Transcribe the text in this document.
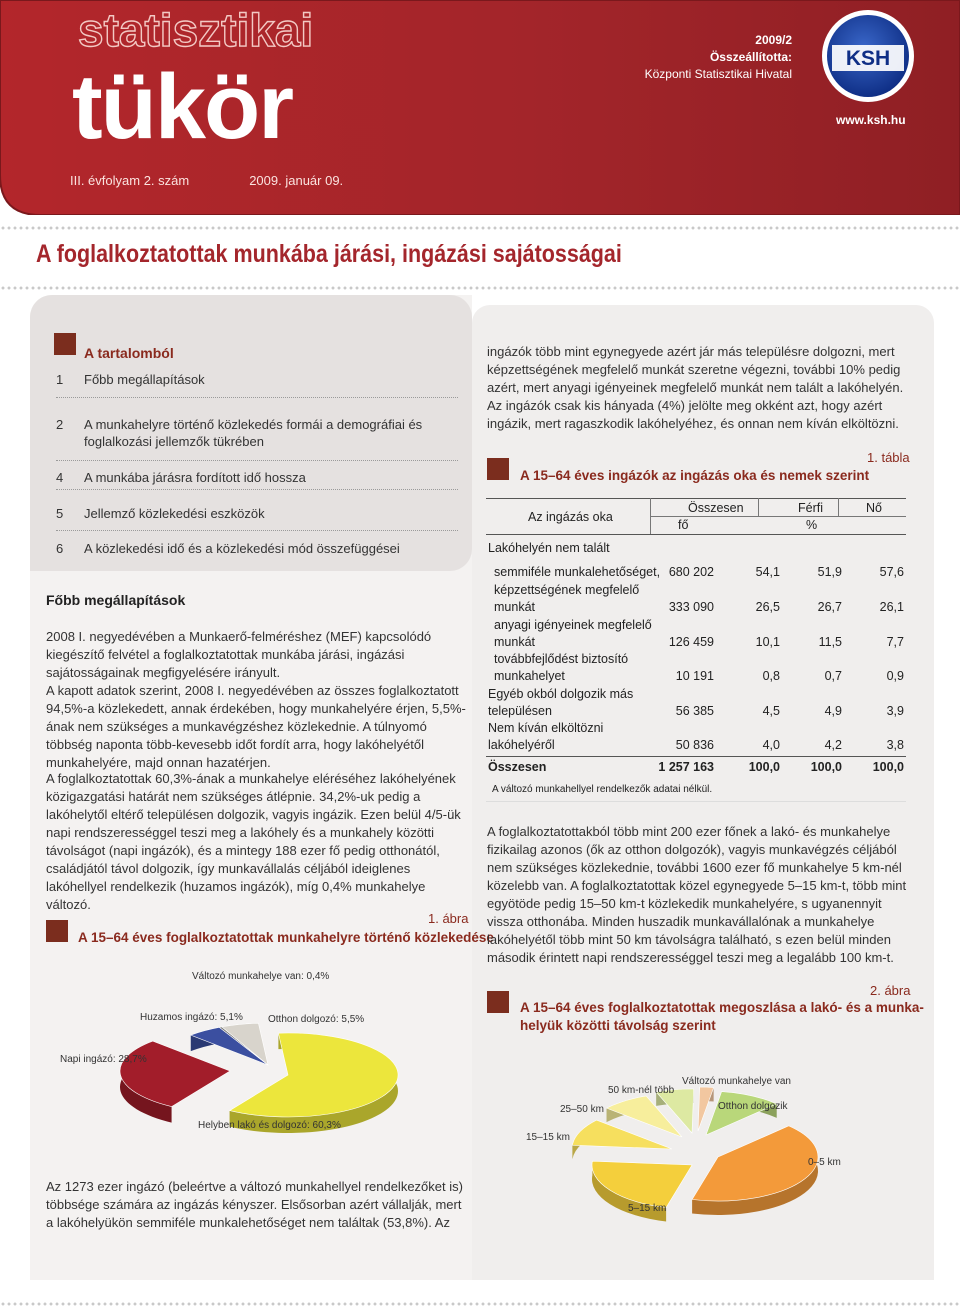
statisztikai
tükör	KSH
III. évfolyam 2. szám	2009. január 09.
2009/2
Összeállította:
Központi Statisztikai Hivatal
www.ksh.hu
A foglalkoztatottak munkába járási, ingázási sajátosságai
A tartalomból
1	Főbb megállapítások
2	A munkahelyre történő közlekedés formái a demográfiai és foglalkozási jellemzők tükrében
4	A munkába járásra fordított idő hossza
5	Jellemző közlekedési eszközök
6	A közlekedési idő és a közlekedési mód összefüggései
Főbb megállapítások
2008 I. negyedévében a Munkaerő-felméréshez (MEF) kapcsolódó kiegészítő felvétel a foglalkoztatottak munkába járási, ingázási sajátosságainak megfigyelésére irányult.
A kapott adatok szerint, 2008 I. negyedévében az összes foglalkoztatott 94,5%-a közlekedett, annak érdekében, hogy munkahelyére érjen, 5,5%-ának nem szükséges a munkavégzéshez közlekednie. A túlnyomó többség naponta több-kevesebb időt fordít arra, hogy lakóhelyétől munkahelyére, majd onnan hazatérjen.
A foglalkoztatottak 60,3%-ának a munkahelye eléréséhez lakóhelyének közigazgatási határát nem szükséges átlépnie. 34,2%-uk pedig a lakóhelytől eltérő településen dolgozik, vagyis ingázik. Ezen belül 4/5-ük napi rendszerességgel teszi meg a lakóhely és a munkahely közötti távolságot (napi ingázók), és a mintegy 188 ezer fő pedig otthonától, családjától távol dolgozik, így munkavállalás céljából ideiglenes lakóhellyel rendelkezik (huzamos ingázók), míg 0,4% munkahelye változó.
1. ábra
A 15–64 éves foglalkoztatottak munkahelyre történő közlekedése
Változó munkahelye van: 0,4%
Huzamos ingázó: 5,1%	Otthon dolgozó: 5,5%
Napi ingázó: 28,7%
Helyben lakó és dolgozó: 60,3%
Az 1273 ezer ingázó (beleértve a változó munkahellyel rendelkezőket is) többsége számára az ingázás kényszer. Elsősorban azért vállalják, mert a lakóhelyükön semmiféle munkalehetőséget nem találtak (53,8%). Az
ingázók több mint egynegyede azért jár más településre dolgozni, mert képzettségének megfelelő munkát szeretne végezni, további 10% pedig azért, mert anyagi igényeinek megfelelő munkát nem talált a lakóhelyén. Az ingázók csak kis hányada (4%) jelölte meg okként azt, hogy azért ingázik, mert ragaszkodik lakóhelyéhez, és onnan nem kíván elköltözni.
1. tábla
A 15–64 éves ingázók az ingázás oka és nemek szerint
Az ingázás oka
Összesen	Férfi	Nő
fő	%
Lakóhelyén nem talált
semmiféle munkalehetőséget, 680 202	54,1	51,9	57,6
képzettségének megfelelő
munkát	333 090	26,5	26,7	26,1
anyagi igényeinek megfelelő
munkát	126 459	10,1	11,5	7,7
továbbfejlődést biztosító
munkahelyet	10 191	0,8	0,7	0,9
Egyéb okból dolgozik más
településen	56 385	4,5	4,9	3,9
Nem kíván elköltözni
lakóhelyéről	50 836	4,0	4,2	3,8
Összesen	1 257 163	100,0	100,0	100,0
A változó munkahellyel rendelkezők adatai nélkül.
A foglalkoztatottakból több mint 200 ezer főnek a lakó- és munkahelye fizikailag azonos (ők az otthon dolgozók), vagyis munkavégzés céljából nem szükséges közlekednie, további 1600 ezer fő munkahelye 5 km-nél közelebb van. A foglalkoztatottak közel egynegyede 5–15 km-t, több mint egyötöde pedig 15–50 km-t közlekedik munkahelyére, s ugyanennyit vissza otthonába. Minden huszadik munkavállalónak a munkahelye lakóhelyétől több mint 50 km távolságra található, s ezen belül minden második érintett napi rendszerességgel teszi meg a legalább 100 km-t.
2. ábra
A 15–64 éves foglalkoztatottak megoszlása a lakó- és a munka-
helyük közötti távolság szerint
Változó munkahelye van
50 km-nél több
Otthon dolgozik
25–50 km
15–15 km
0–5 km
5–15 km
